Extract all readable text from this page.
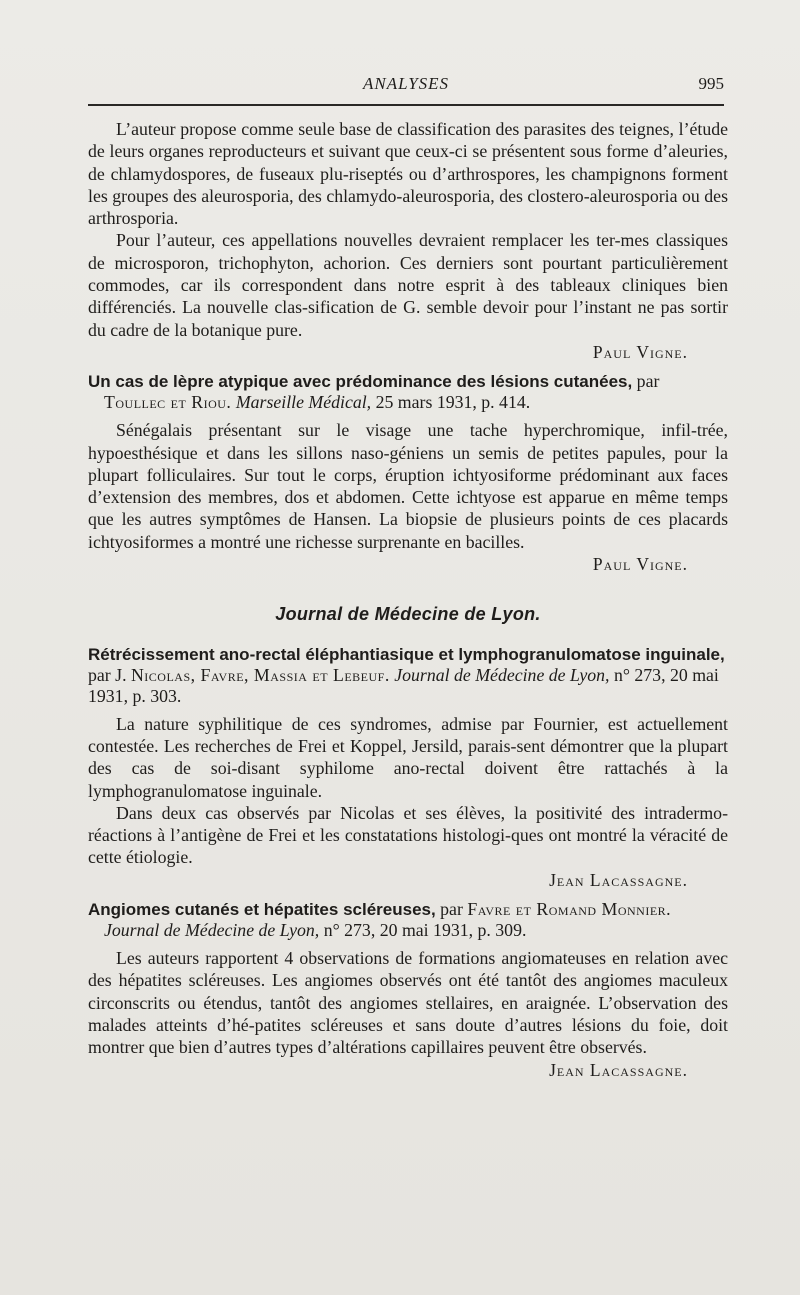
ANALYSES	995

L’auteur propose comme seule base de classification des parasites des teignes, l’étude de leurs organes reproducteurs et suivant que ceux-ci se présentent sous forme d’aleuries, de chlamydospores, de fuseaux plu-riseptés ou d’arthrospores, les champignons forment les groupes des aleurosporia, des chlamydo-aleurosporia, des clostero-aleurosporia ou des arthrosporia.

Pour l’auteur, ces appellations nouvelles devraient remplacer les ter-mes classiques de microsporon, trichophyton, achorion. Ces derniers sont pourtant particulièrement commodes, car ils correspondent dans notre esprit à des tableaux cliniques bien différenciés. La nouvelle clas-sification de G. semble devoir pour l’instant ne pas sortir du cadre de la botanique pure.

Paul Vigne.
Un cas de lèpre atypique avec prédominance des lésions cutanées, par
Toullec et Riou. Marseille Médical, 25 mars 1931, p. 414.

Sénégalais présentant sur le visage une tache hyperchromique, infil-trée, hypoesthésique et dans les sillons naso-géniens un semis de petites papules, pour la plupart folliculaires. Sur tout le corps, éruption ichtyosiforme prédominant aux faces d’extension des membres, dos et abdomen. Cette ichtyose est apparue en même temps que les autres symptômes de Hansen. La biopsie de plusieurs points de ces placards ichtyosiformes a montré une richesse surprenante en bacilles.

Paul Vigne.
Journal de Médecine de Lyon.
Rétrécissement ano-rectal éléphantiasique et lymphogranulomatose inguinale, par J. Nicolas, Favre, Massia et Lebeuf. Journal de Médecine de Lyon, n° 273, 20 mai 1931, p. 303.

La nature syphilitique de ces syndromes, admise par Fournier, est actuellement contestée. Les recherches de Frei et Koppel, Jersild, parais-sent démontrer que la plupart des cas de soi-disant syphilome ano-rectal doivent être rattachés à la lymphogranulomatose inguinale.

Dans deux cas observés par Nicolas et ses élèves, la positivité des intradermo-réactions à l’antigène de Frei et les constatations histologi-ques ont montré la véracité de cette étiologie.

Jean Lacassagne.
Angiomes cutanés et hépatites scléreuses, par Favre et Romand Monnier.
Journal de Médecine de Lyon, n° 273, 20 mai 1931, p. 309.

Les auteurs rapportent 4 observations de formations angiomateuses en relation avec des hépatites scléreuses. Les angiomes observés ont été tantôt des angiomes maculeux circonscrits ou étendus, tantôt des angiomes stellaires, en araignée. L’observation des malades atteints d’hé-patites scléreuses et sans doute d’autres lésions du foie, doit montrer que bien d’autres types d’altérations capillaires peuvent être observés.

Jean Lacassagne.
